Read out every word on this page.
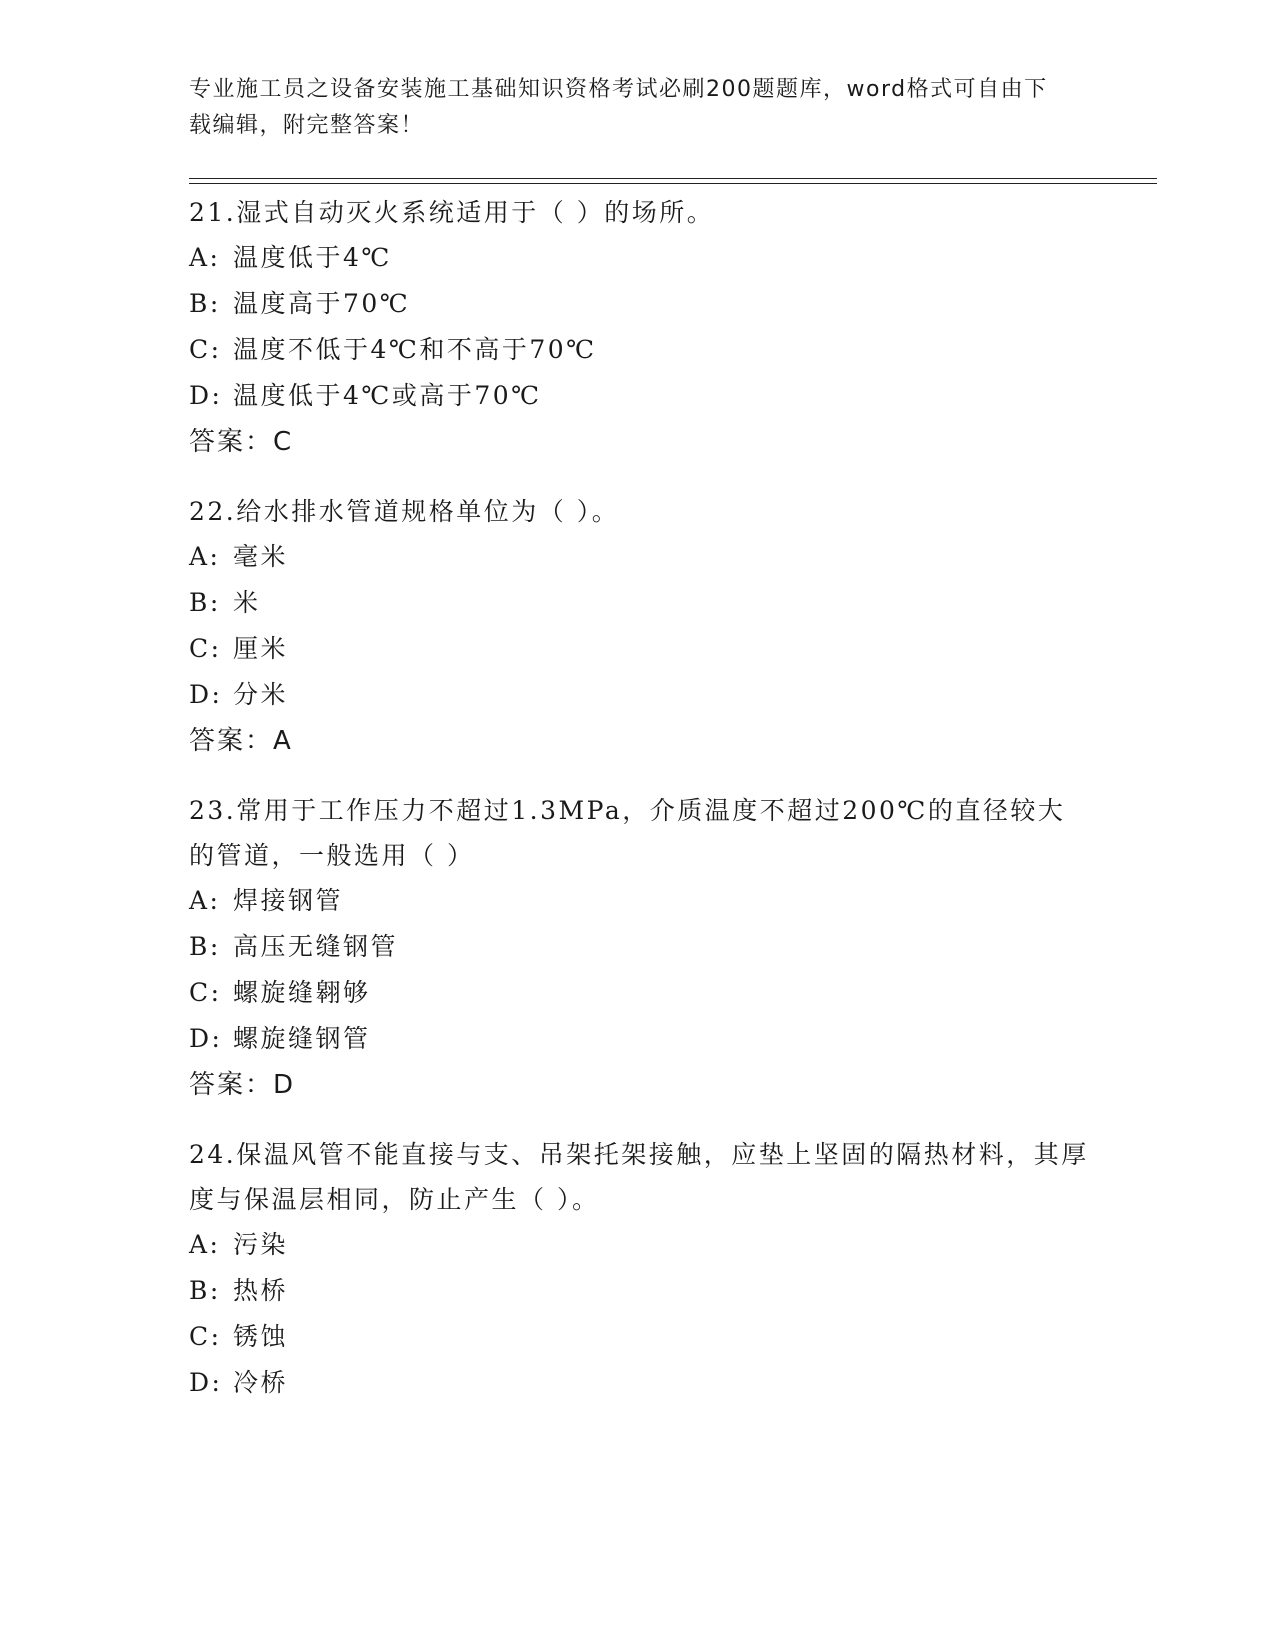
专业施工员之设备安装施工基础知识资格考试必刷200题题库，word格式可自由下载编辑，附完整答案！

21.湿式自动灭火系统适用于（ ）的场所。

A: 温度低于4℃

B: 温度高于70℃

C: 温度不低于4℃和不高于70℃

D: 温度低于4℃或高于70℃

答案：C

22.给水排水管道规格单位为（ ）。

A: 毫米

B: 米

C: 厘米

D: 分米

答案：A

23.常用于工作压力不超过1.3MPa，介质温度不超过200℃的直径较大的管道，一般选用（ ）

A: 焊接钢管

B: 高压无缝钢管

C: 螺旋缝翱够

D: 螺旋缝钢管

答案：D

24.保温风管不能直接与支、吊架托架接触，应垫上坚固的隔热材料，其厚度与保温层相同，防止产生（ ）。

A: 污染

B: 热桥

C: 锈蚀

D: 冷桥
